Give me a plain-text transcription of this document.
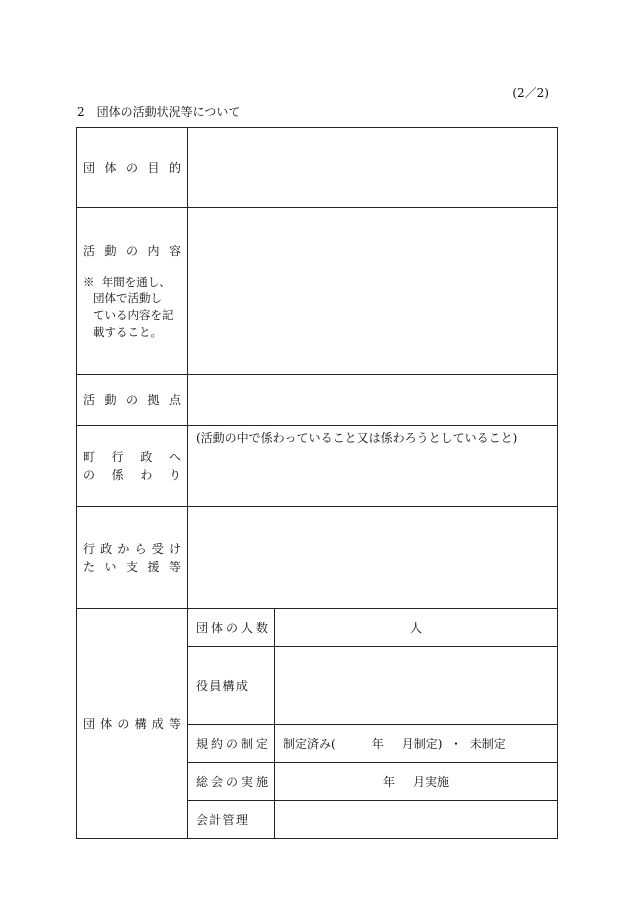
(2／2)
2　団体の活動状況等について
団体の目的		

活動の内容
※ 年間を通し、
団体で活動し
ている内容を記
載すること。		

活動の拠点		

町行政へ
の係わり	(活動の中で係わっていること又は係わろうとしていること)	

行政から受け
たい支援等		

団体の構成等	団体の人数	人

	役員構成	

	規約の制定	制定済み( 年 月制定) ・ 未制定

	総会の実施	年 月実施

	会計管理	
